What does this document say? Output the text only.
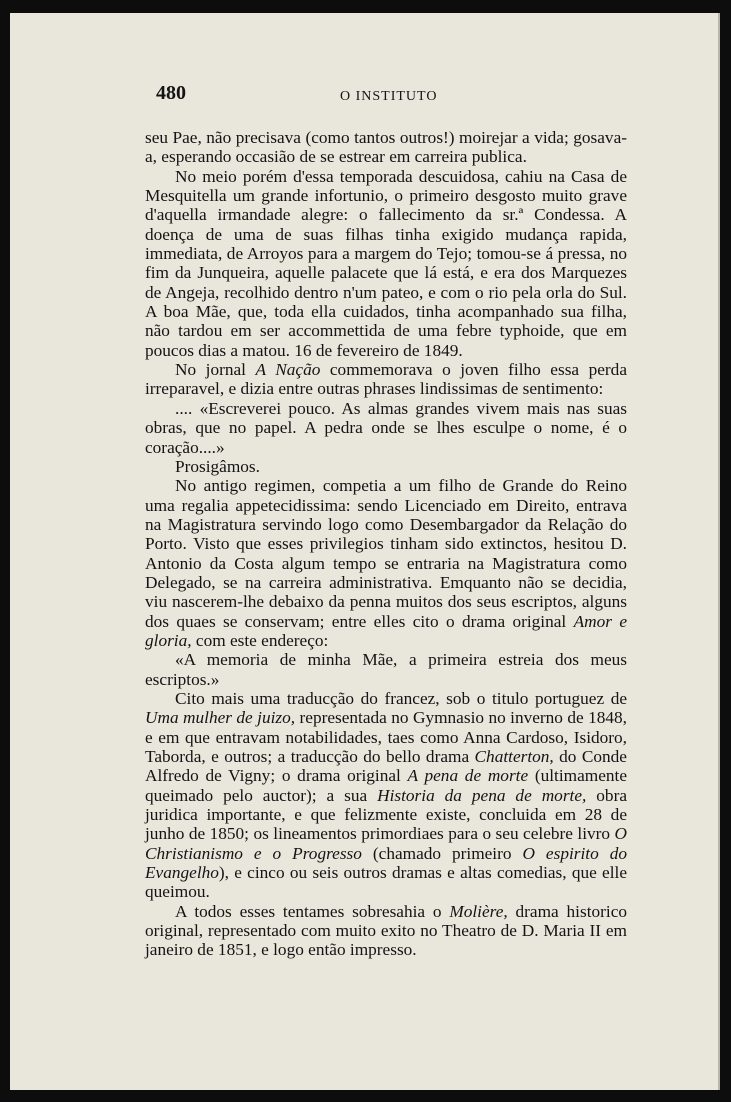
480	O INSTITUTO

seu Pae, não precisava (como tantos outros!) moirejar a vida; gosava-a, esperando occasião de se estrear em carreira publica.

No meio porém d'essa temporada descuidosa, cahiu na Casa de Mesquitella um grande infortunio, o primeiro desgosto muito grave d'aquella irmandade alegre: o fallecimento da sr.ª Condessa. A doença de uma de suas filhas tinha exigido mudança rapida, immediata, de Arroyos para a margem do Tejo; tomou-se á pressa, no fim da Junqueira, aquelle palacete que lá está, e era dos Marquezes de Angeja, recolhido dentro n'um pateo, e com o rio pela orla do Sul. A boa Mãe, que, toda ella cuidados, tinha acompanhado sua filha, não tardou em ser accommettida de uma febre typhoide, que em poucos dias a matou. 16 de fevereiro de 1849.

No jornal A Nação commemorava o joven filho essa perda irreparavel, e dizia entre outras phrases lindissimas de sentimento:

.... «Escreverei pouco. As almas grandes vivem mais nas suas obras, que no papel. A pedra onde se lhes esculpe o nome, é o coração....»

Prosigâmos.

No antigo regimen, competia a um filho de Grande do Reino uma regalia appetecidissima: sendo Licenciado em Direito, entrava na Magistratura servindo logo como Desembargador da Relação do Porto. Visto que esses privilegios tinham sido extinctos, hesitou D. Antonio da Costa algum tempo se entraria na Magistratura como Delegado, se na carreira administrativa. Emquanto não se decidia, viu nascerem-lhe debaixo da penna muitos dos seus escriptos, alguns dos quaes se conservam; entre elles cito o drama original Amor e gloria, com este endereço:

«A memoria de minha Mãe, a primeira estreia dos meus escriptos.»

Cito mais uma traducção do francez, sob o titulo portuguez de Uma mulher de juizo, representada no Gymnasio no inverno de 1848, e em que entravam notabilidades, taes como Anna Cardoso, Isidoro, Taborda, e outros; a traducção do bello drama Chatterton, do Conde Alfredo de Vigny; o drama original A pena de morte (ultimamente queimado pelo auctor); a sua Historia da pena de morte, obra juridica importante, e que felizmente existe, concluida em 28 de junho de 1850; os lineamentos primordiaes para o seu celebre livro O Christianismo e o Progresso (chamado primeiro O espirito do Evangelho), e cinco ou seis outros dramas e altas comedias, que elle queimou.

A todos esses tentames sobresahia o Molière, drama historico original, representado com muito exito no Theatro de D. Maria II em janeiro de 1851, e logo então impresso.
